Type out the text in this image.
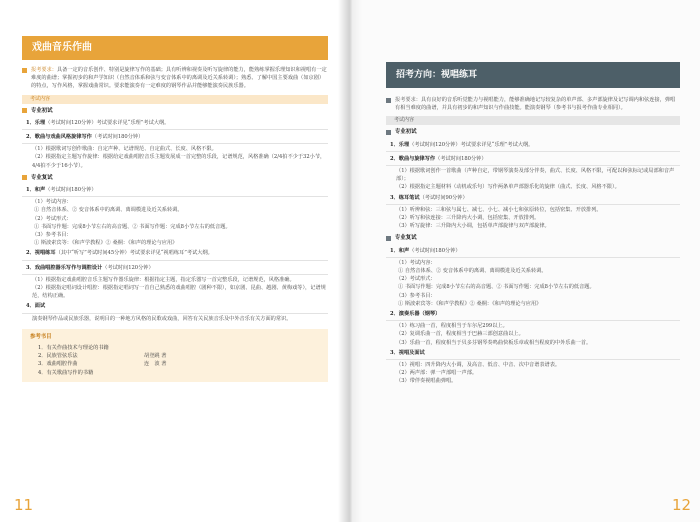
戏曲音乐作曲
报考要求：具备一定的音乐创作、特别是旋律写作的基础；具有听辨和视奏及听写旋律的能力，能熟练掌握乐理知识和视唱有一定难度的曲谱；掌握初步的和声学知识（自然音体系和弦与变音体系中的离调及近关系转调）；熟悉、了解中国主要戏曲（如京剧）的特点，写作风格，掌握戏曲常识。要求能演奏有一定难度的钢琴作品并能够能演奏民族乐器。
考试内容
专业初试
1．乐理（考试时间120分钟）考试要求详见“乐理”考试大纲。
2．歌曲与戏曲风格旋律写作（考试时间180分钟）
（1）根据歌词写创作歌曲：自定声种、记谱规范、自定曲式、长度、风格不限。
（2）根据指定主题写作旋律：根据给定戏曲唱腔音乐主题发展成一首完整的乐段，记谱规范，风格准确（2/4拍不少于32小节，4/4拍不少于16小节）。
专业复试
1．和声（考试时间180分钟）
（1）考试内容：
① 自然音体系、② 变音体系中的离调、离调模进及近关系转调。
（2）考试形式：
① 书面写作题：完成8小节左右的高音题、② 书面写作题：完成8小节左右的低音题。
（3）参考书目：
① 斯波索宾等：《和声学教程》② 桑桐：《和声的理论与应用》
2．视唱练耳（其中“听写”考试时间45分钟）考试要求详见“视唱练耳”考试大纲。
3．戏曲唱腔器乐写作与调腔设计（考试时间120分钟）
（1）根据指定戏曲唱腔音乐主题写作器乐旋律：根据指定主题，指定乐器写一首完整乐段，记谱规范，风格准确。
（2）根据指定唱词设计唱腔：根据指定唱词写一首自己熟悉的戏曲唱腔（剧种不限），如京剧、昆曲、越剧、黄梅戏等），记谱规范，结构正确。
4．面试
演奏钢琴作品或民族乐器，说明目的一种地方风格的民歌或戏曲，回答有关民族音乐及中外音乐有关方面的常识。
参考书目
1．有关作曲技术与理论的书籍
2．民族管弦乐法	胡登跳 著
3．戏曲唱腔作曲	连　波 著
4．有关歌曲写作的书籍
11
招考方向：视唱练耳
报考要求：具有良好的音乐听觉能力与视唱能力，能够准确地记写较复杂的单声部、多声部旋律及记写调内和弦连接，弹唱有相当难度的曲谱，并具有初步的和声知识与作曲技能。能演奏钢琴（参考书与报考作曲专业相同）。
考试内容
专业初试
1．乐理（考试时间120分钟）考试要求详见“乐理”考试大纲。
2．歌曲与旋律写作（考试时间180分钟）
（1）根据歌词创作一首歌曲（声种自定，带钢琴演奏及部分伴奏，曲式、长度、风格不限，可配以和弦标记或局部和音声部）；
（2）根据指定主题材料（动机或乐句）写作两条单声部器乐化的旋律（曲式、长度、风格不限）。
3．练耳笔试（考试时间90分钟）
（1）听辨和弦：三和弦与属七、减七、小七、减小七和弦原转位，包括密集、开放排列。
（2）听写和弦连接：三升降内大小调，包括密集、开放排列。
（3）听写旋律：三升降内大小调，包括单声部旋律与双声部旋律。
专业复试
1．和声（考试时间180分钟）
（1）考试内容：
① 自然音体系、② 变音体系中的离调、离调模进及近关系转调。
（2）考试形式：
① 书面写作题：完成8小节左右的高音题、② 书面写作题：完成8小节左右的低音题。
（3）参考书目：
① 斯波索宾等：《和声学教程》② 桑桐：《和声的理论与应用》
2．演奏乐器（钢琴）
（1）练习曲一首，程度相当于车尔尼299以上。
（2）复调乐曲一首，程度相当于巴赫三部创意曲以上。
（3）乐曲一首，程度相当于贝多芬钢琴奏鸣曲快板乐章或相当程度的中外乐曲一首。
3．视唱及面试
（1）视唱：四升降内大小调，及高音、低音、中音、次中音谱表谱表。
（2）两声部：弹一声部唱一声部。
（3）带伴奏视唱曲弹唱。
12
